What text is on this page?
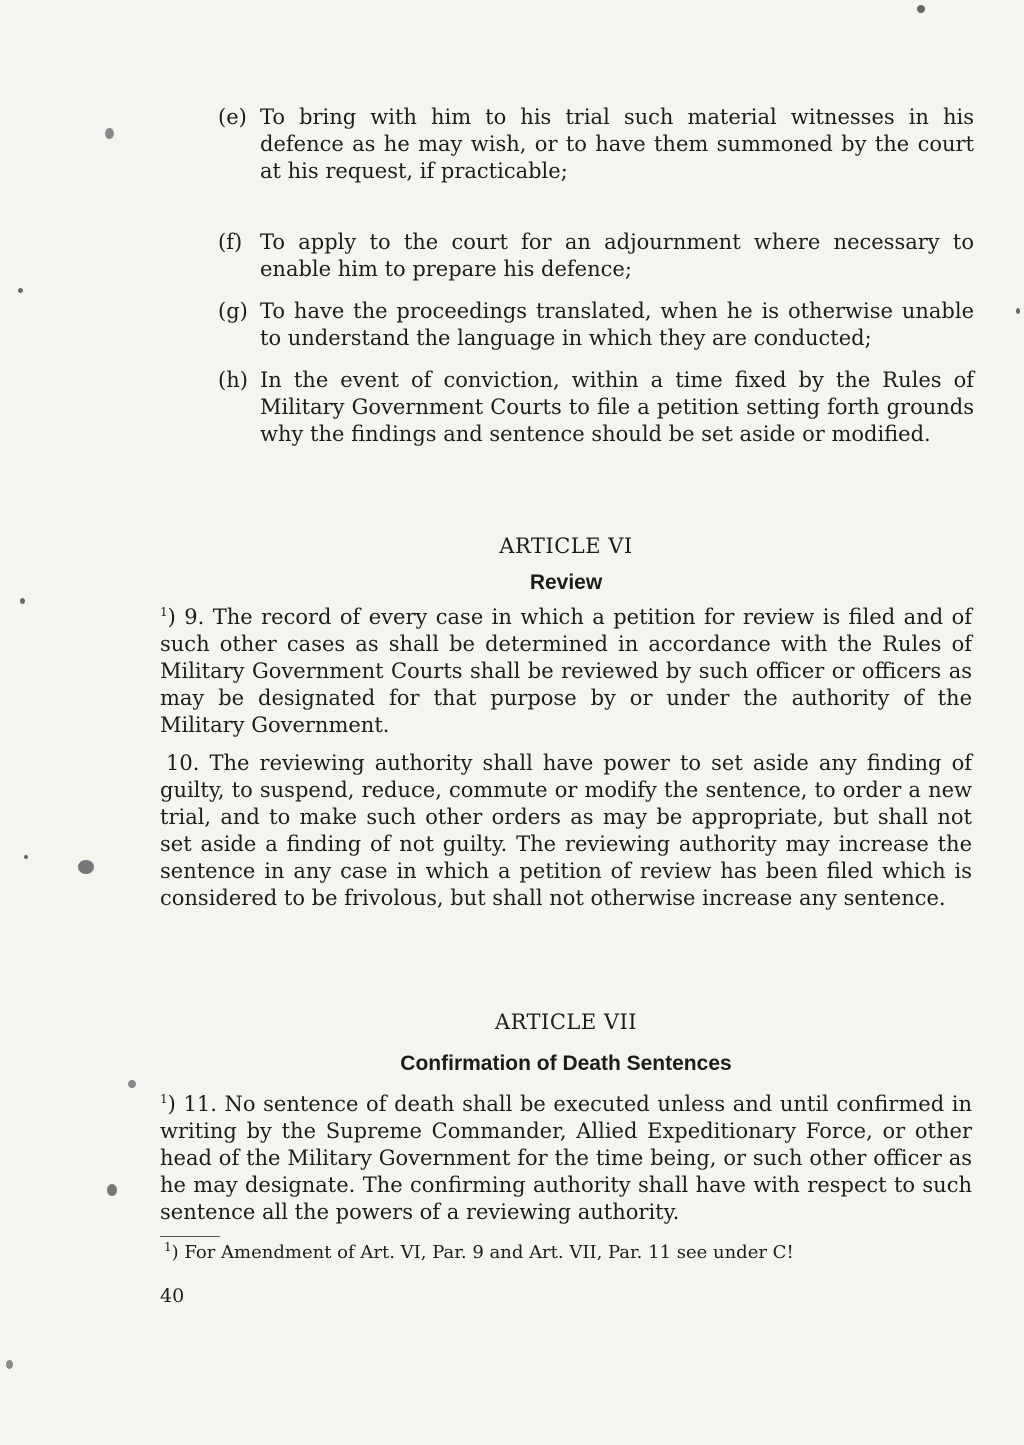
(e) To bring with him to his trial such material witnesses in his defence as he may wish, or to have them summoned by the court at his request, if practicable;
(f) To apply to the court for an adjournment where necessary to enable him to prepare his defence;
(g) To have the proceedings translated, when he is otherwise unable to understand the language in which they are conducted;
(h) In the event of conviction, within a time fixed by the Rules of Military Government Courts to file a petition setting forth grounds why the findings and sentence should be set aside or modified.
ARTICLE VI
Review
$^1$) 9. The record of every case in which a petition for review is filed and of such other cases as shall be determined in accordance with the Rules of Military Government Courts shall be reviewed by such officer or officers as may be designated for that purpose by or under the authority of the Military Government.
10. The reviewing authority shall have power to set aside any finding of guilty, to suspend, reduce, commute or modify the sentence, to order a new trial, and to make such other orders as may be appropriate, but shall not set aside a finding of not guilty. The reviewing authority may increase the sentence in any case in which a petition of review has been filed which is considered to be frivolous, but shall not otherwise increase any sentence.
ARTICLE VII
Confirmation of Death Sentences
$^1$) 11. No sentence of death shall be executed unless and until confirmed in writing by the Supreme Commander, Allied Expeditionary Force, or other head of the Military Government for the time being, or such other officer as he may designate. The confirming authority shall have with respect to such sentence all the powers of a reviewing authority.
$^1$) For Amendment of Art. VI, Par. 9 and Art. VII, Par. 11 see under C!
40
